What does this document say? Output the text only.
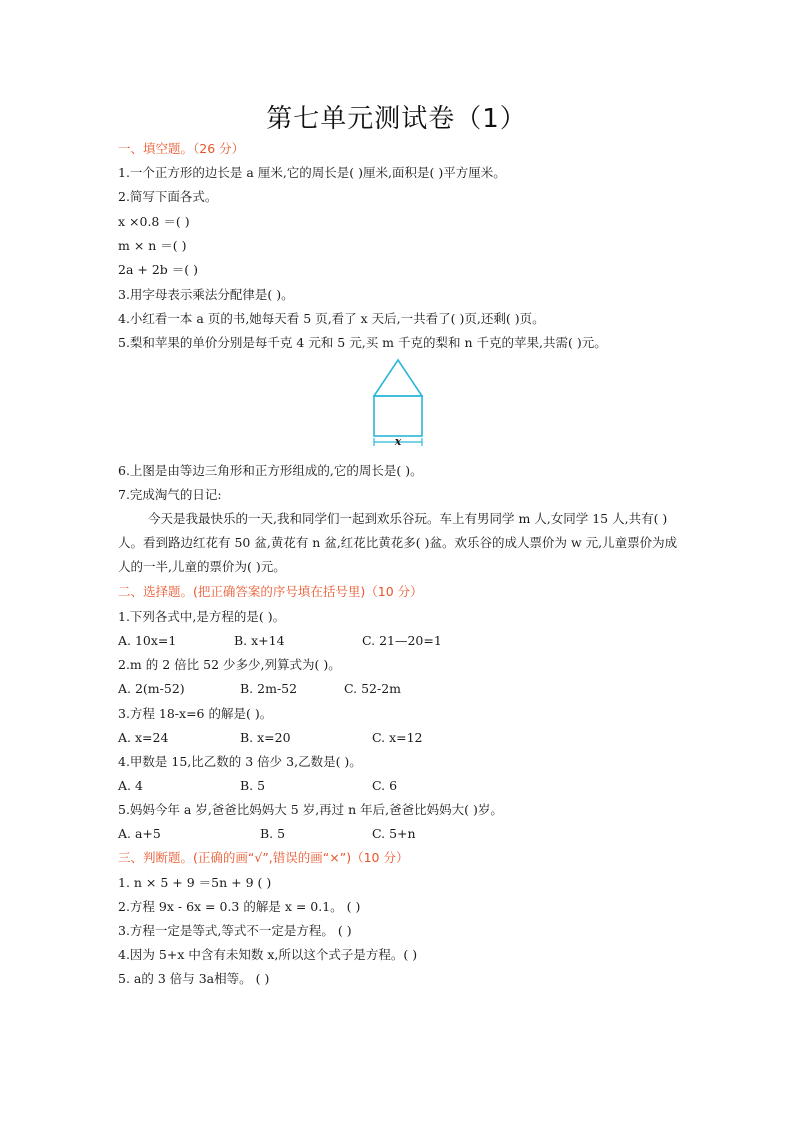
第七单元测试卷（1）
一、填空题。（26 分）
1.一个正方形的边长是 a 厘米,它的周长是( )厘米,面积是( )平方厘米。
2.简写下面各式。
x ×0.8 ＝( )
m × n ＝( )
2a + 2b ＝( )
3.用字母表示乘法分配律是( )。
4.小红看一本 a 页的书,她每天看 5 页,看了 x 天后,一共看了( )页,还剩( )页。
5.梨和苹果的单价分别是每千克 4 元和 5 元,买 m 千克的梨和 n 千克的苹果,共需( )元。
x
6.上图是由等边三角形和正方形组成的,它的周长是( )。
7.完成淘气的日记:
今天是我最快乐的一天,我和同学们一起到欢乐谷玩。车上有男同学 m 人,女同学 15 人,共有( )人。看到路边红花有 50 盆,黄花有 n 盆,红花比黄花多( )盆。欢乐谷的成人票价为 w 元,儿童票价为成人的一半,儿童的票价为( )元。
二、选择题。(把正确答案的序号填在括号里)（10 分）
1.下列各式中,是方程的是( )。
A. 10x=1	B. x+14	C. 21—20=1
2.m 的 2 倍比 52 少多少,列算式为( )。
A. 2(m-52)	B. 2m-52	C. 52-2m
3.方程 18-x=6 的解是( )。
A. x=24	B. x=20	C. x=12
4.甲数是 15,比乙数的 3 倍少 3,乙数是( )。
A. 4	B. 5	C. 6
5.妈妈今年 a 岁,爸爸比妈妈大 5 岁,再过 n 年后,爸爸比妈妈大( )岁。
A. a+5	B. 5	C. 5+n
三、判断题。(正确的画“√”,错误的画“×”)（10 分）
1. n × 5 + 9 ＝5n + 9 ( )
2.方程 9x - 6x = 0.3 的解是 x = 0.1。 ( )
3.方程一定是等式,等式不一定是方程。 ( )
4.因为 5+x 中含有未知数 x,所以这个式子是方程。( )
5. a的 3 倍与 3a相等。 ( )
